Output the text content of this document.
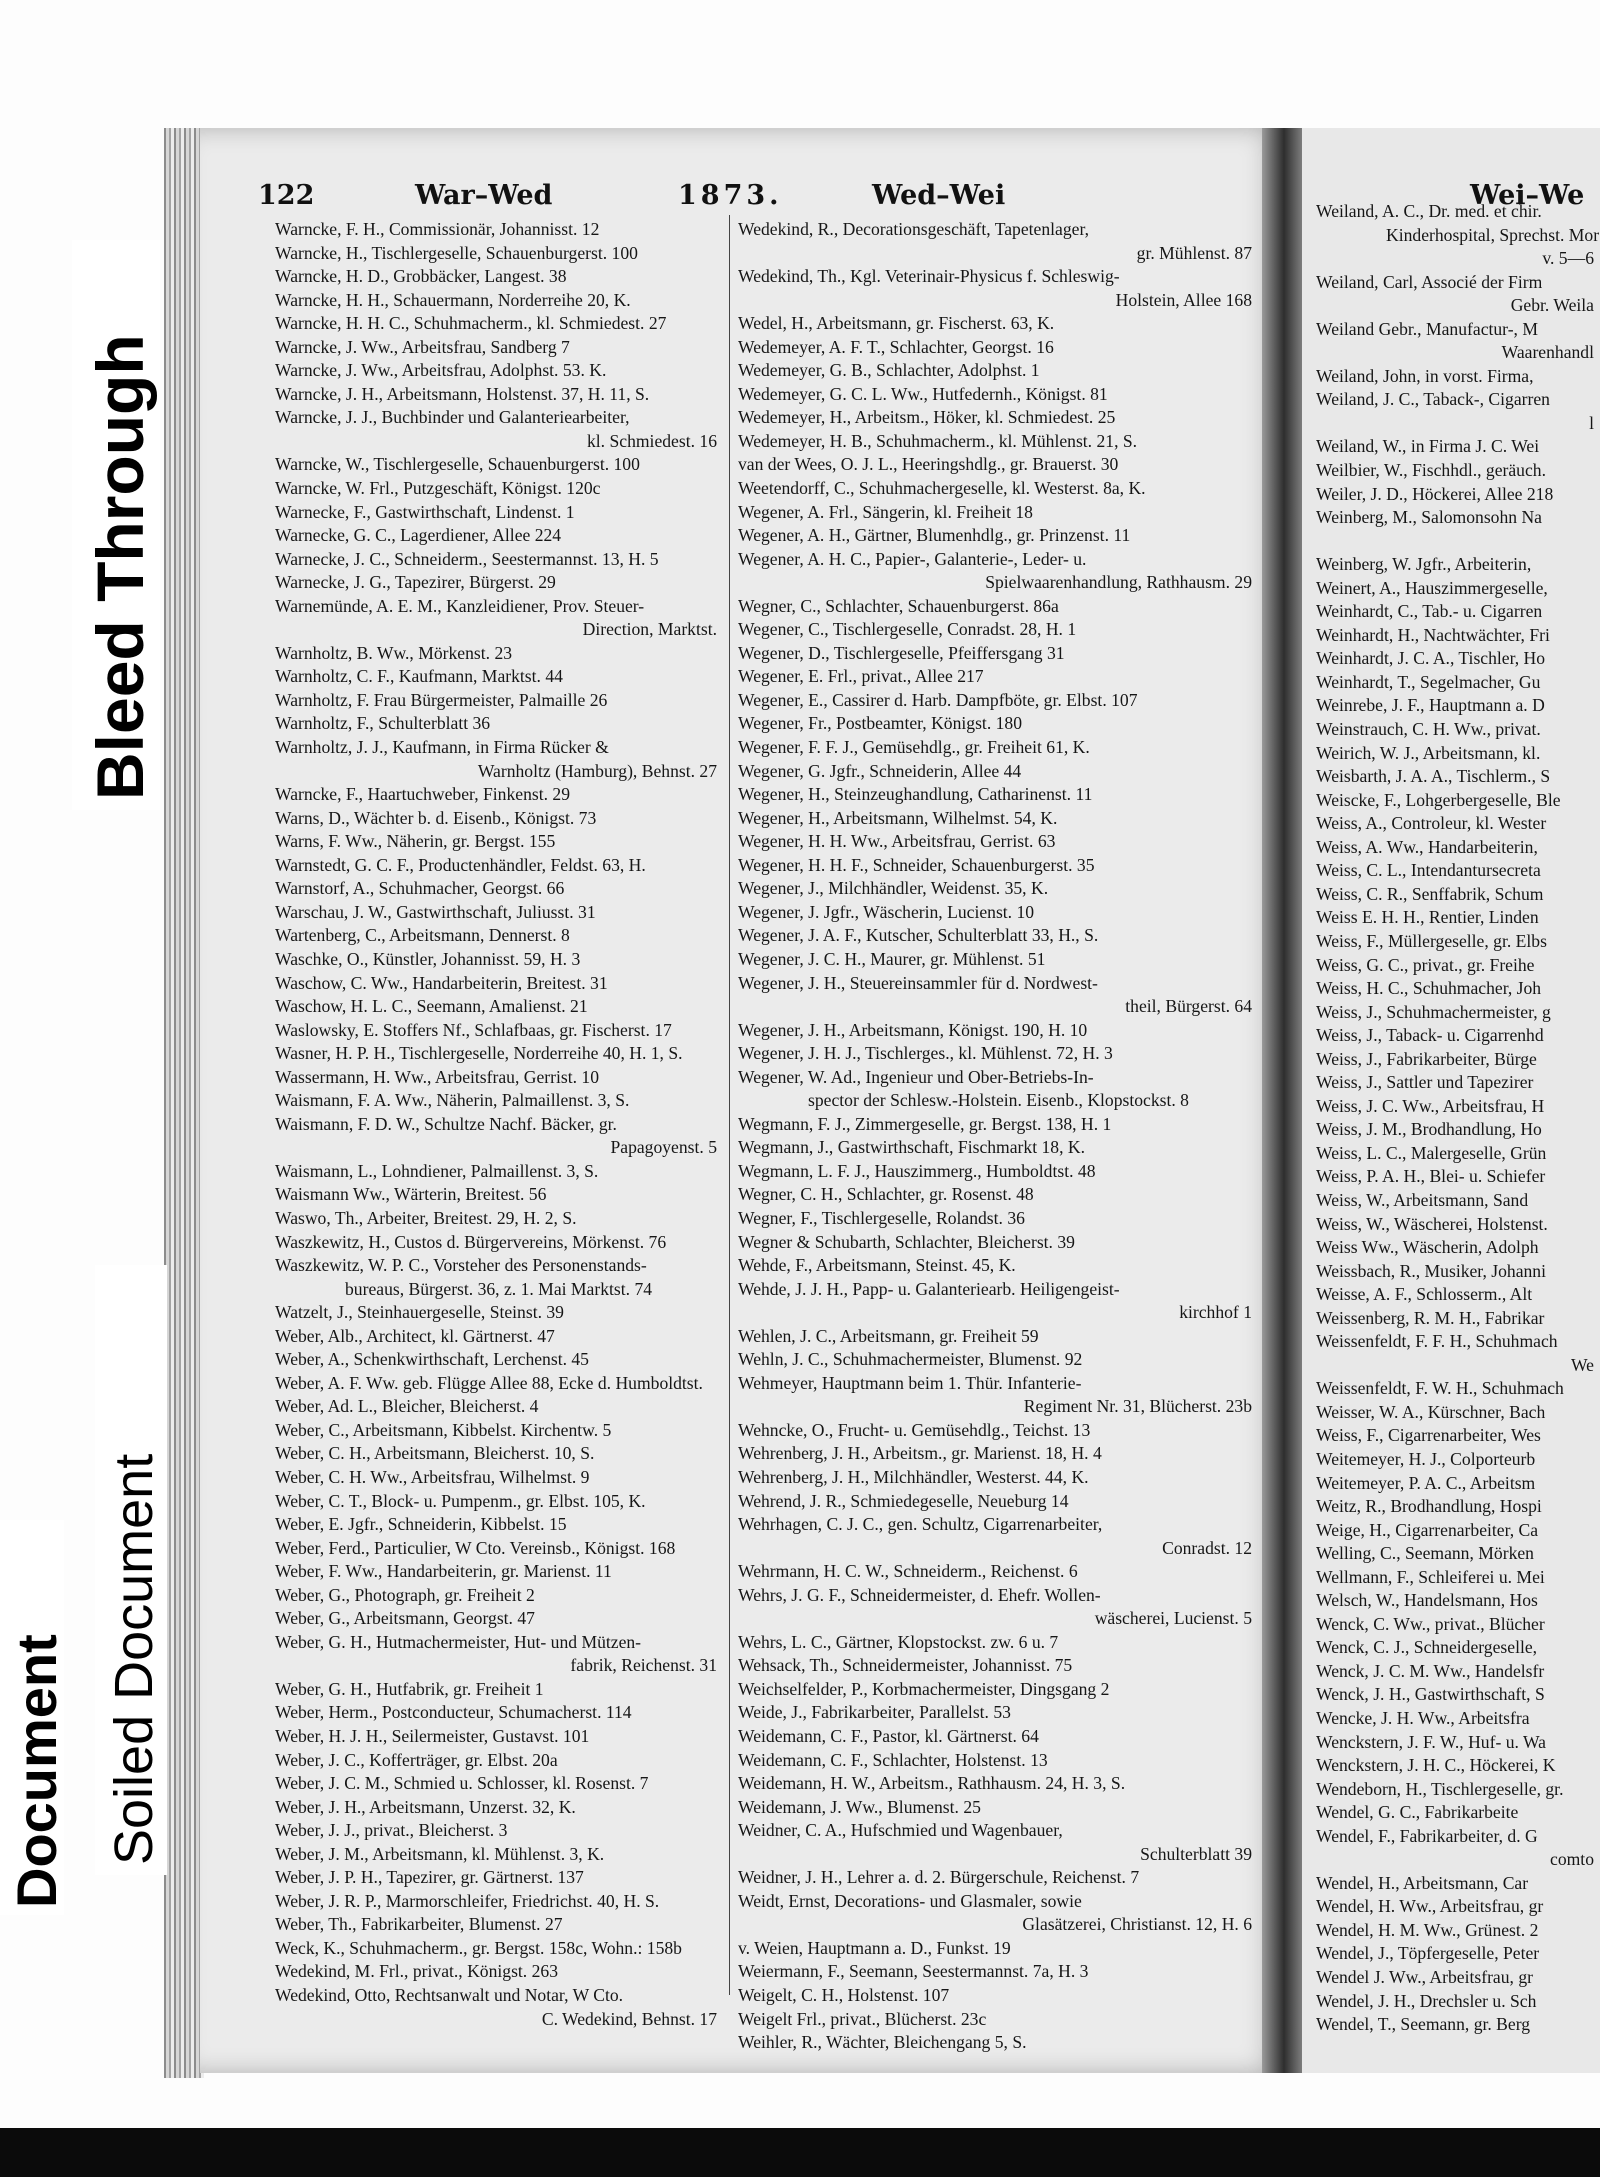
122	War–Wed	1873.	Wed–Wei	Wei–We
Warncke, F. H., Commissionär, Johannisst. 12
Warncke, H., Tischlergeselle, Schauenburgerst. 100
Warncke, H. D., Grobbäcker, Langest. 38
Warncke, H. H., Schauermann, Norderreihe 20, K.
Warncke, H. H. C., Schuhmacherm., kl. Schmiedest. 27
Warncke, J. Ww., Arbeitsfrau, Sandberg 7
Warncke, J. Ww., Arbeitsfrau, Adolphst. 53. K.
Warncke, J. H., Arbeitsmann, Holstenst. 37, H. 11, S.
Warncke, J. J., Buchbinder und Galanteriearbeiter,
kl. Schmiedest. 16
Warncke, W., Tischlergeselle, Schauenburgerst. 100
Warncke, W. Frl., Putzgeschäft, Königst. 120c
Warnecke, F., Gastwirthschaft, Lindenst. 1
Warnecke, G. C., Lagerdiener, Allee 224
Warnecke, J. C., Schneiderm., Seestermannst. 13, H. 5
Warnecke, J. G., Tapezirer, Bürgerst. 29
Warnemünde, A. E. M., Kanzleidiener, Prov. Steuer-
Direction, Marktst.
Warnholtz, B. Ww., Mörkenst. 23
Warnholtz, C. F., Kaufmann, Marktst. 44
Warnholtz, F. Frau Bürgermeister, Palmaille 26
Warnholtz, F., Schulterblatt 36
Warnholtz, J. J., Kaufmann, in Firma Rücker &
Warnholtz (Hamburg), Behnst. 27
Warncke, F., Haartuchweber, Finkenst. 29
Warns, D., Wächter b. d. Eisenb., Königst. 73
Warns, F. Ww., Näherin, gr. Bergst. 155
Warnstedt, G. C. F., Productenhändler, Feldst. 63, H.
Warnstorf, A., Schuhmacher, Georgst. 66
Warschau, J. W., Gastwirthschaft, Juliusst. 31
Wartenberg, C., Arbeitsmann, Dennerst. 8
Waschke, O., Künstler, Johannisst. 59, H. 3
Waschow, C. Ww., Handarbeiterin, Breitest. 31
Waschow, H. L. C., Seemann, Amalienst. 21
Waslowsky, E. Stoffers Nf., Schlafbaas, gr. Fischerst. 17
Wasner, H. P. H., Tischlergeselle, Norderreihe 40, H. 1, S.
Wassermann, H. Ww., Arbeitsfrau, Gerrist. 10
Waismann, F. A. Ww., Näherin, Palmaillenst. 3, S.
Waismann, F. D. W., Schultze Nachf. Bäcker, gr.
Papagoyenst. 5
Waismann, L., Lohndiener, Palmaillenst. 3, S.
Waismann Ww., Wärterin, Breitest. 56
Waswo, Th., Arbeiter, Breitest. 29, H. 2, S.
Waszkewitz, H., Custos d. Bürgervereins, Mörkenst. 76
Waszkewitz, W. P. C., Vorsteher des Personenstands-
bureaus, Bürgerst. 36, z. 1. Mai Marktst. 74
Watzelt, J., Steinhauergeselle, Steinst. 39
Weber, Alb., Architect, kl. Gärtnerst. 47
Weber, A., Schenkwirthschaft, Lerchenst. 45
Weber, A. F. Ww. geb. Flügge Allee 88, Ecke d. Humboldtst.
Weber, Ad. L., Bleicher, Bleicherst. 4
Weber, C., Arbeitsmann, Kibbelst. Kirchentw. 5
Weber, C. H., Arbeitsmann, Bleicherst. 10, S.
Weber, C. H. Ww., Arbeitsfrau, Wilhelmst. 9
Weber, C. T., Block- u. Pumpenm., gr. Elbst. 105, K.
Weber, E. Jgfr., Schneiderin, Kibbelst. 15
Weber, Ferd., Particulier, W Cto. Vereinsb., Königst. 168
Weber, F. Ww., Handarbeiterin, gr. Marienst. 11
Weber, G., Photograph, gr. Freiheit 2
Weber, G., Arbeitsmann, Georgst. 47
Weber, G. H., Hutmachermeister, Hut- und Mützen-
fabrik, Reichenst. 31
Weber, G. H., Hutfabrik, gr. Freiheit 1
Weber, Herm., Postconducteur, Schumacherst. 114
Weber, H. J. H., Seilermeister, Gustavst. 101
Weber, J. C., Kofferträger, gr. Elbst. 20a
Weber, J. C. M., Schmied u. Schlosser, kl. Rosenst. 7
Weber, J. H., Arbeitsmann, Unzerst. 32, K.
Weber, J. J., privat., Bleicherst. 3
Weber, J. M., Arbeitsmann, kl. Mühlenst. 3, K.
Weber, J. P. H., Tapezirer, gr. Gärtnerst. 137
Weber, J. R. P., Marmorschleifer, Friedrichst. 40, H. S.
Weber, Th., Fabrikarbeiter, Blumenst. 27
Weck, K., Schuhmacherm., gr. Bergst. 158c, Wohn.: 158b
Wedekind, M. Frl., privat., Königst. 263
Wedekind, Otto, Rechtsanwalt und Notar, W Cto.
C. Wedekind, Behnst. 17
Wedekind, R., Decorationsgeschäft, Tapetenlager,
gr. Mühlenst. 87
Wedekind, Th., Kgl. Veterinair-Physicus f. Schleswig-
Holstein, Allee 168
Wedel, H., Arbeitsmann, gr. Fischerst. 63, K.
Wedemeyer, A. F. T., Schlachter, Georgst. 16
Wedemeyer, G. B., Schlachter, Adolphst. 1
Wedemeyer, G. C. L. Ww., Hutfedernh., Königst. 81
Wedemeyer, H., Arbeitsm., Höker, kl. Schmiedest. 25
Wedemeyer, H. B., Schuhmacherm., kl. Mühlenst. 21, S.
van der Wees, O. J. L., Heeringshdlg., gr. Brauerst. 30
Weetendorff, C., Schuhmachergeselle, kl. Westerst. 8a, K.
Wegener, A. Frl., Sängerin, kl. Freiheit 18
Wegener, A. H., Gärtner, Blumenhdlg., gr. Prinzenst. 11
Wegener, A. H. C., Papier-, Galanterie-, Leder- u.
Spielwaarenhandlung, Rathhausm. 29
Wegner, C., Schlachter, Schauenburgerst. 86a
Wegener, C., Tischlergeselle, Conradst. 28, H. 1
Wegener, D., Tischlergeselle, Pfeiffersgang 31
Wegener, E. Frl., privat., Allee 217
Wegener, E., Cassirer d. Harb. Dampfböte, gr. Elbst. 107
Wegener, Fr., Postbeamter, Königst. 180
Wegener, F. F. J., Gemüsehdlg., gr. Freiheit 61, K.
Wegener, G. Jgfr., Schneiderin, Allee 44
Wegener, H., Steinzeughandlung, Catharinenst. 11
Wegener, H., Arbeitsmann, Wilhelmst. 54, K.
Wegener, H. H. Ww., Arbeitsfrau, Gerrist. 63
Wegener, H. H. F., Schneider, Schauenburgerst. 35
Wegener, J., Milchhändler, Weidenst. 35, K.
Wegener, J. Jgfr., Wäscherin, Lucienst. 10
Wegener, J. A. F., Kutscher, Schulterblatt 33, H., S.
Wegener, J. C. H., Maurer, gr. Mühlenst. 51
Wegener, J. H., Steuereinsammler für d. Nordwest-
theil, Bürgerst. 64
Wegener, J. H., Arbeitsmann, Königst. 190, H. 10
Wegener, J. H. J., Tischlerges., kl. Mühlenst. 72, H. 3
Wegener, W. Ad., Ingenieur und Ober-Betriebs-In-
spector der Schlesw.-Holstein. Eisenb., Klopstockst. 8
Wegmann, F. J., Zimmergeselle, gr. Bergst. 138, H. 1
Wegmann, J., Gastwirthschaft, Fischmarkt 18, K.
Wegmann, L. F. J., Hauszimmerg., Humboldtst. 48
Wegner, C. H., Schlachter, gr. Rosenst. 48
Wegner, F., Tischlergeselle, Rolandst. 36
Wegner & Schubarth, Schlachter, Bleicherst. 39
Wehde, F., Arbeitsmann, Steinst. 45, K.
Wehde, J. J. H., Papp- u. Galanteriearb. Heiligengeist-
kirchhof 1
Wehlen, J. C., Arbeitsmann, gr. Freiheit 59
Wehln, J. C., Schuhmachermeister, Blumenst. 92
Wehmeyer, Hauptmann beim 1. Thür. Infanterie-
Regiment Nr. 31, Blücherst. 23b
Wehncke, O., Frucht- u. Gemüsehdlg., Teichst. 13
Wehrenberg, J. H., Arbeitsm., gr. Marienst. 18, H. 4
Wehrenberg, J. H., Milchhändler, Westerst. 44, K.
Wehrend, J. R., Schmiedegeselle, Neueburg 14
Wehrhagen, C. J. C., gen. Schultz, Cigarrenarbeiter,
Conradst. 12
Wehrmann, H. C. W., Schneiderm., Reichenst. 6
Wehrs, J. G. F., Schneidermeister, d. Ehefr. Wollen-
wäscherei, Lucienst. 5
Wehrs, L. C., Gärtner, Klopstockst. zw. 6 u. 7
Wehsack, Th., Schneidermeister, Johannisst. 75
Weichselfelder, P., Korbmachermeister, Dingsgang 2
Weide, J., Fabrikarbeiter, Parallelst. 53
Weidemann, C. F., Pastor, kl. Gärtnerst. 64
Weidemann, C. F., Schlachter, Holstenst. 13
Weidemann, H. W., Arbeitsm., Rathhausm. 24, H. 3, S.
Weidemann, J. Ww., Blumenst. 25
Weidner, C. A., Hufschmied und Wagenbauer,
Schulterblatt 39
Weidner, J. H., Lehrer a. d. 2. Bürgerschule, Reichenst. 7
Weidt, Ernst, Decorations- und Glasmaler, sowie
Glasätzerei, Christianst. 12, H. 6
v. Weien, Hauptmann a. D., Funkst. 19
Weiermann, F., Seemann, Seestermannst. 7a, H. 3
Weigelt, C. H., Holstenst. 107
Weigelt Frl., privat., Blücherst. 23c
Weihler, R., Wächter, Bleichengang 5, S.
Weiland, A. C., Dr. med. et chir.
Kinderhospital, Sprechst. Mor
v. 5—6
Weiland, Carl, Associé der Firm
Gebr. Weila
Weiland Gebr., Manufactur-, M
Waarenhandl
Weiland, John, in vorst. Firma,
Weiland, J. C., Taback-, Cigarren
l
Weiland, W., in Firma J. C. Wei
Weilbier, W., Fischhdl., geräuch.
Weiler, J. D., Höckerei, Allee 218
Weinberg, M., Salomonsohn Na
Weinberg, W. Jgfr., Arbeiterin,
Weinert, A., Hauszimmergeselle,
Weinhardt, C., Tab.- u. Cigarren
Weinhardt, H., Nachtwächter, Fri
Weinhardt, J. C. A., Tischler, Ho
Weinhardt, T., Segelmacher, Gu
Weinrebe, J. F., Hauptmann a. D
Weinstrauch, C. H. Ww., privat.
Weirich, W. J., Arbeitsmann, kl.
Weisbarth, J. A. A., Tischlerm., S
Weiscke, F., Lohgerbergeselle, Ble
Weiss, A., Controleur, kl. Wester
Weiss, A. Ww., Handarbeiterin,
Weiss, C. L., Intendantursecreta
Weiss, C. R., Senffabrik, Schum
Weiss E. H. H., Rentier, Linden
Weiss, F., Müllergeselle, gr. Elbs
Weiss, G. C., privat., gr. Freihe
Weiss, H. C., Schuhmacher, Joh
Weiss, J., Schuhmachermeister, g
Weiss, J., Taback- u. Cigarrenhd
Weiss, J., Fabrikarbeiter, Bürge
Weiss, J., Sattler und Tapezirer
Weiss, J. C. Ww., Arbeitsfrau, H
Weiss, J. M., Brodhandlung, Ho
Weiss, L. C., Malergeselle, Grün
Weiss, P. A. H., Blei- u. Schiefer
Weiss, W., Arbeitsmann, Sand
Weiss, W., Wäscherei, Holstenst.
Weiss Ww., Wäscherin, Adolph
Weissbach, R., Musiker, Johanni
Weisse, A. F., Schlosserm., Alt
Weissenberg, R. M. H., Fabrikar
Weissenfeldt, F. F. H., Schuhmach
We
Weissenfeldt, F. W. H., Schuhmach
Weisser, W. A., Kürschner, Bach
Weiss, F., Cigarrenarbeiter, Wes
Weitemeyer, H. J., Colporteurb
Weitemeyer, P. A. C., Arbeitsm
Weitz, R., Brodhandlung, Hospi
Weige, H., Cigarrenarbeiter, Ca
Welling, C., Seemann, Mörken
Wellmann, F., Schleiferei u. Mei
Welsch, W., Handelsmann, Hos
Wenck, C. Ww., privat., Blücher
Wenck, C. J., Schneidergeselle,
Wenck, J. C. M. Ww., Handelsfr
Wenck, J. H., Gastwirthschaft, S
Wencke, J. H. Ww., Arbeitsfra
Wenckstern, J. F. W., Huf- u. Wa
Wenckstern, J. H. C., Höckerei, K
Wendeborn, H., Tischlergeselle, gr.
Wendel, G. C., Fabrikarbeite
Wendel, F., Fabrikarbeiter, d. G
comto
Wendel, H., Arbeitsmann, Car
Wendel, H. Ww., Arbeitsfrau, gr
Wendel, H. M. Ww., Grünest. 2
Wendel, J., Töpfergeselle, Peter
Wendel J. Ww., Arbeitsfrau, gr
Wendel, J. H., Drechsler u. Sch
Wendel, T., Seemann, gr. Berg
Bleed Through
Soiled Document
Document
